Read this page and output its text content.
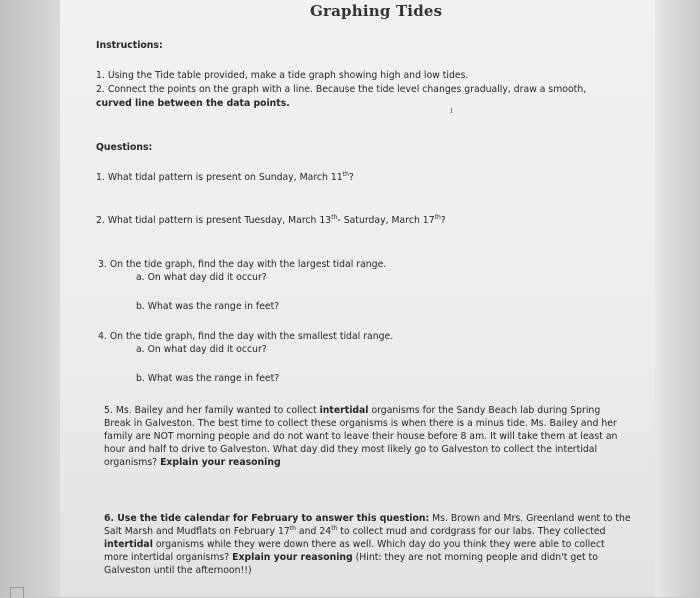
Graphing Tides
Instructions:
1. Using the Tide table provided, make a tide graph showing high and low tides.
2. Connect the points on the graph with a line. Because the tide level changes gradually, draw a smooth,
curved line between the data points.
ɪ
Questions:
1. What tidal pattern is present on Sunday, March 11th?
2. What tidal pattern is present Tuesday, March 13th- Saturday, March 17th?
3. On the tide graph, find the day with the largest tidal range.
a. On what day did it occur?
b. What was the range in feet?
4. On the tide graph, find the day with the smallest tidal range.
a. On what day did it occur?
b. What was the range in feet?
5. Ms. Bailey and her family wanted to collect intertidal organisms for the Sandy Beach lab during Spring
Break in Galveston. The best time to collect these organisms is when there is a minus tide. Ms. Bailey and her
family are NOT morning people and do not want to leave their house before 8 am. It will take them at least an
hour and half to drive to Galveston. What day did they most likely go to Galveston to collect the intertidal
organisms? Explain your reasoning
6. Use the tide calendar for February to answer this question: Ms. Brown and Mrs. Greenland went to the
Salt Marsh and Mudflats on February 17th and 24th to collect mud and cordgrass for our labs. They collected
intertidal organisms while they were down there as well. Which day do you think they were able to collect
more intertidal organisms? Explain your reasoning (Hint: they are not morning people and didn't get to
Galveston until the afternoon!!)
